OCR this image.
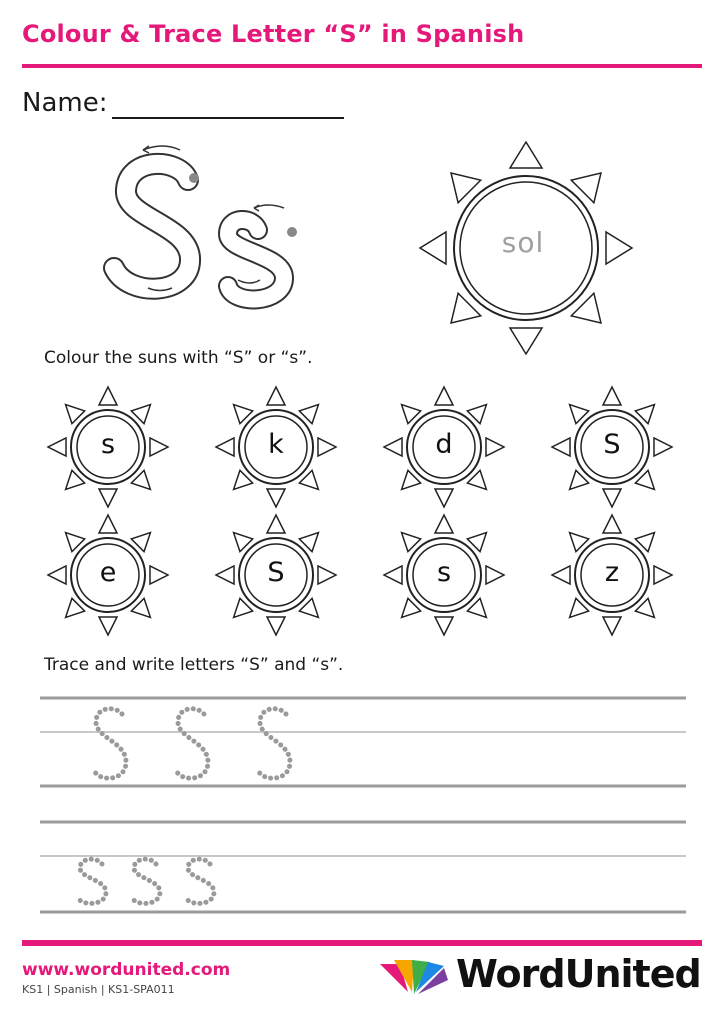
Colour & Trace Letter “S” in Spanish
Name:
sol
Colour the suns with “S” or “s”.
s	k	d	S
e	S	s	z
Trace and write letters “S” and “s”.
www.wordunited.com
KS1 | Spanish | KS1-SPA011	WordUnited
